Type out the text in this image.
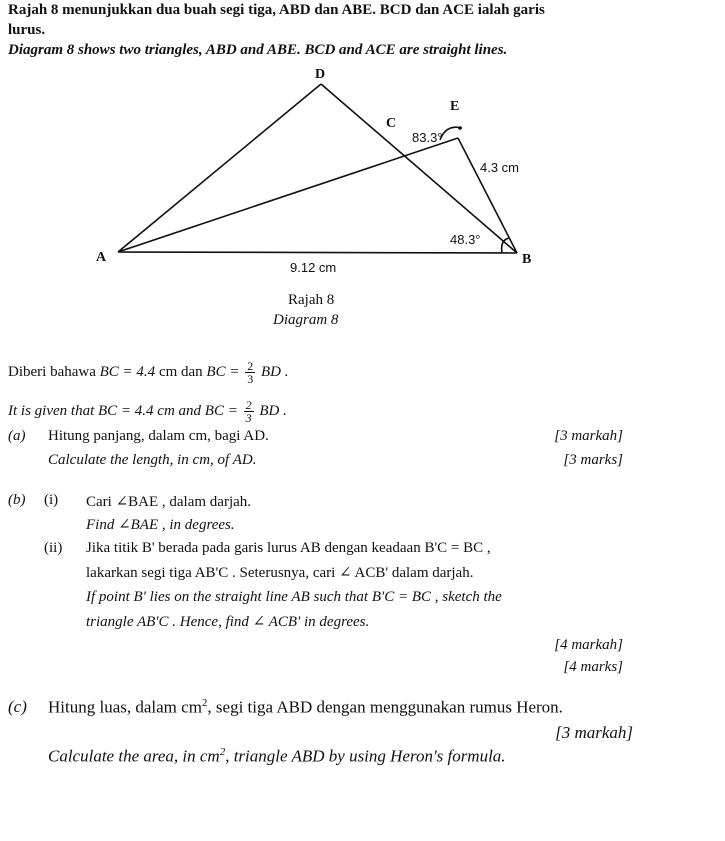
Rajah 8 menunjukkan dua buah segi tiga, ABD dan ABE. BCD dan ACE ialah garis
lurus.
Diagram 8 shows two triangles, ABD and ABE. BCD and ACE are straight lines.
D
E
C
A	B
83.3°
48.3°
4.3 cm
9.12 cm
Rajah 8
Diagram 8
Diberi bahawa BC = 4.4 cm dan BC = $\frac{2}{3}$ BD .
It is given that BC = 4.4 cm and BC = $\frac{2}{3}$ BD .
(a) Hitung panjang, dalam cm, bagi AD.	[3 markah]
Calculate the length, in cm, of AD.	[3 marks]
(b) (i) Cari ∠BAE , dalam darjah.
Find ∠BAE , in degrees.
(ii) Jika titik B' berada pada garis lurus AB dengan keadaan B'C = BC ,
lakarkan segi tiga AB'C . Seterusnya, cari ∠ ACB' dalam darjah.
If point B' lies on the straight line AB such that B'C = BC , sketch the
triangle AB'C . Hence, find ∠ ACB' in degrees.
[4 markah]
[4 marks]
(c) Hitung luas, dalam $cm^2$, segi tiga ABD dengan menggunakan rumus Heron.
[3 markah]
Calculate the area, in $cm^2$, triangle ABD by using Heron's formula.
